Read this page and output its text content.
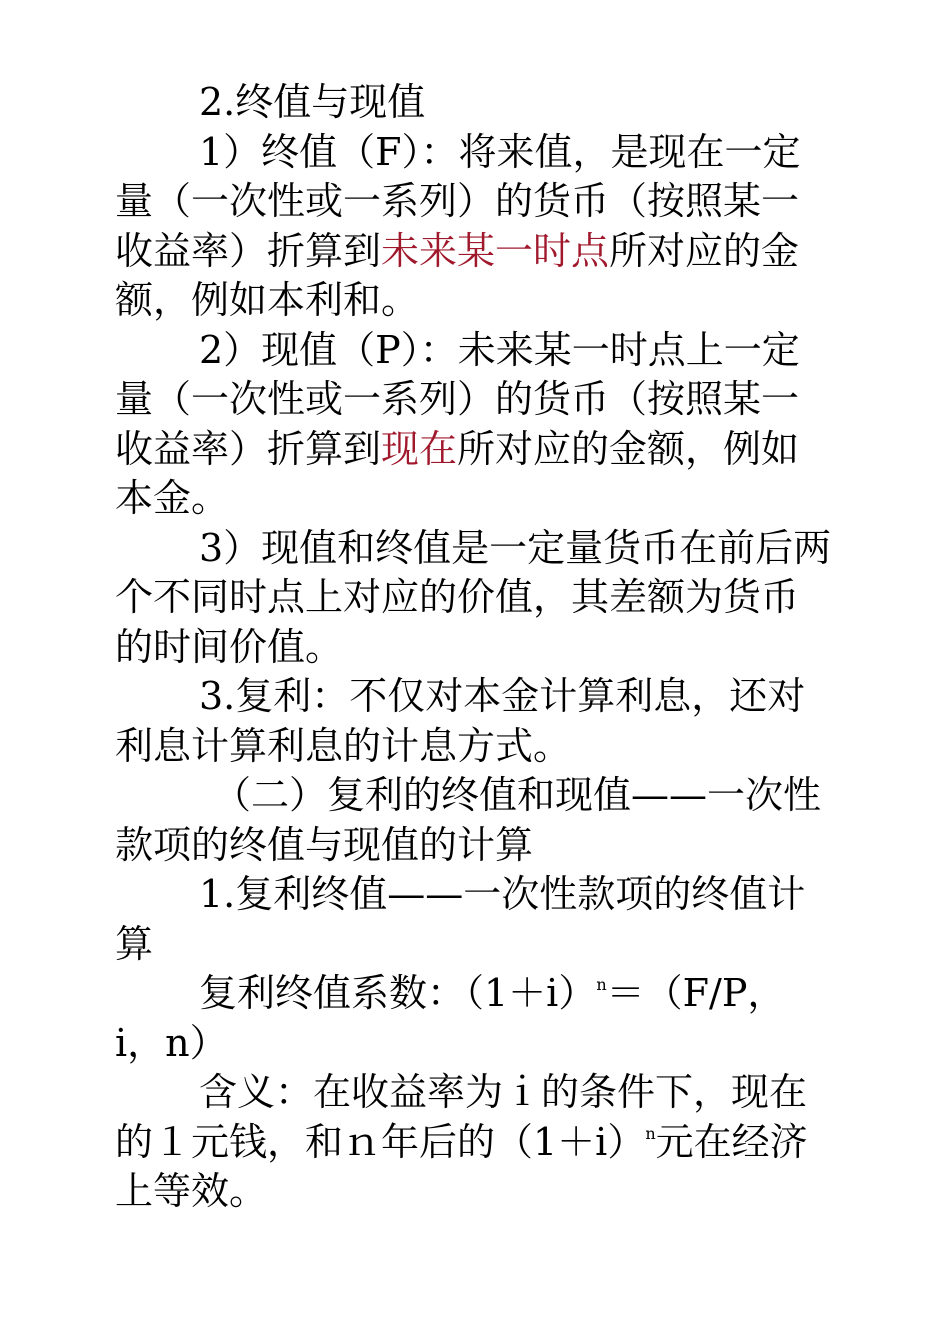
2.终值与现值

1）终值（F）：将来值，是现在一定量（一次性或一系列）的货币（按照某一收益率）折算到未来某一时点所对应的金额，例如本利和。

2）现值（P）：未来某一时点上一定量（一次性或一系列）的货币（按照某一收益率）折算到现在所对应的金额，例如本金。

3）现值和终值是一定量货币在前后两个不同时点上对应的价值，其差额为货币的时间价值。

3.复利：不仅对本金计算利息，还对利息计算利息的计息方式。

（二）复利的终值和现值——一次性款项的终值与现值的计算

1.复利终值——一次性款项的终值计算

复利终值系数：$(1+i)^n=(F/P$，i，n）

含义：在收益率为ｉ的条件下，现在的１元钱，和ｎ年后的$(1+i)^n$元在经济上等效。
